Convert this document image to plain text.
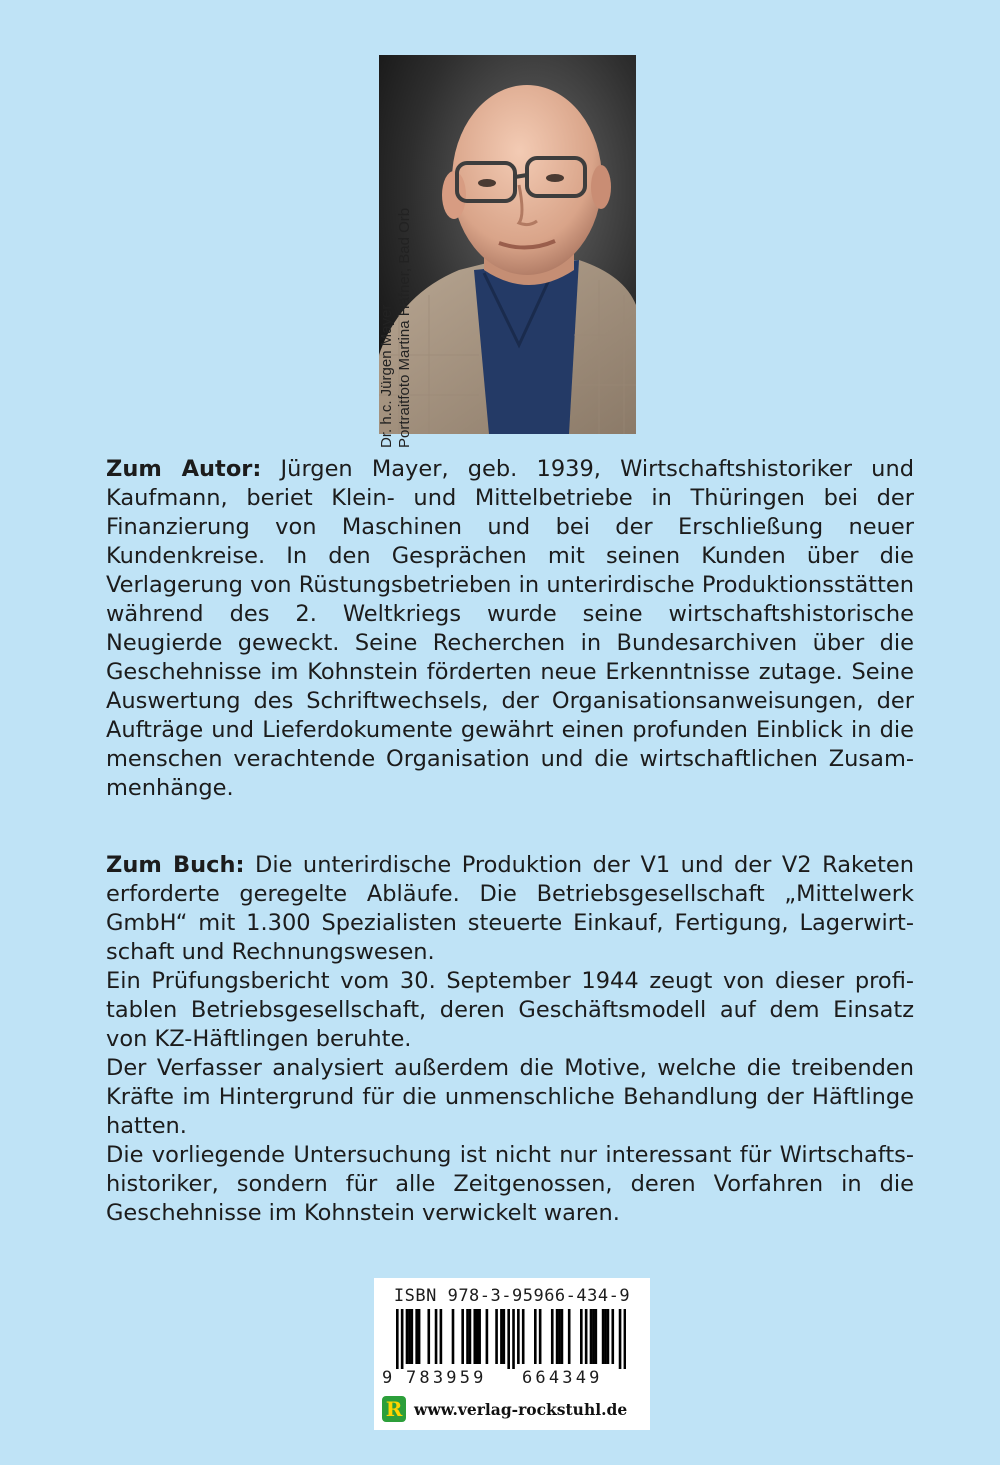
Dr. h.c. Jürgen Mayer Portraitfoto Martina Häfner, Bad Orb

Zum Autor: Jürgen Mayer, geb. 1939, Wirtschaftshistoriker und Kaufmann, beriet Klein- und Mittelbetriebe in Thüringen bei der Finanzierung von Maschinen und bei der Erschließung neuer Kundenkreise. In den Gesprächen mit seinen Kunden über die Verlagerung von Rüstungsbetrieben in unterirdische Produktionsstätten während des 2. Weltkriegs wurde seine wirtschaftshistorische Neugierde geweckt. Seine Recherchen in Bundesarchiven über die Geschehnisse im Kohnstein förderten neue Erkenntnisse zutage. Seine Auswertung des Schriftwechsels, der Organisationsanweisungen, der Aufträge und Lieferdokumente gewährt einen profunden Einblick in die menschen verachtende Organisation und die wirtschaftlichen Zusammenhänge.

Zum Buch: Die unterirdische Produktion der V1 und der V2 Raketen erforderte geregelte Abläufe. Die Betriebsgesellschaft „Mittelwerk GmbH“ mit 1.300 Spezialisten steuerte Einkauf, Fertigung, Lagerwirtschaft und Rechnungswesen.

Ein Prüfungsbericht vom 30. September 1944 zeugt von dieser profitablen Betriebsgesellschaft, deren Geschäftsmodell auf dem Einsatz von KZ-Häftlingen beruhte.

Der Verfasser analysiert außerdem die Motive, welche die treibenden Kräfte im Hintergrund für die unmenschliche Behandlung der Häftlinge hatten.

Die vorliegende Untersuchung ist nicht nur interessant für Wirtschaftshistoriker, sondern für alle Zeitgenossen, deren Vorfahren in die Geschehnisse im Kohnstein verwickelt waren.

ISBN 978-3-95966-434-9
9 783959 664349
R www.verlag-rockstuhl.de
